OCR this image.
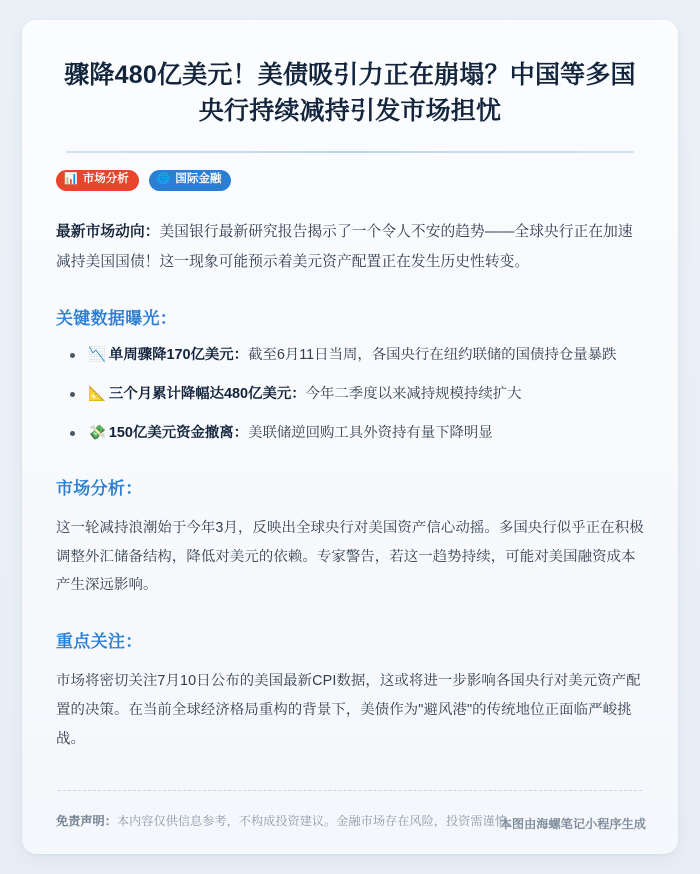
骤降480亿美元！美债吸引力正在崩塌？中国等多国央行持续减持引发市场担忧
📊 市场分析	🌐 国际金融

最新市场动向：美国银行最新研究报告揭示了一个令人不安的趋势——全球央行正在加速减持美国国债！这一现象可能预示着美元资产配置正在发生历史性转变。

关键数据曝光：
📉 单周骤降170亿美元：截至6月11日当周，各国央行在纽约联储的国债持仓量暴跌
📐 三个月累计降幅达480亿美元：今年二季度以来减持规模持续扩大
💸 150亿美元资金撤离：美联储逆回购工具外资持有量下降明显
市场分析：

这一轮减持浪潮始于今年3月，反映出全球央行对美国资产信心动摇。多国央行似乎正在积极调整外汇储备结构，降低对美元的依赖。专家警告，若这一趋势持续，可能对美国融资成本产生深远影响。

重点关注：

市场将密切关注7月10日公布的美国最新CPI数据，这或将进一步影响各国央行对美元资产配置的决策。在当前全球经济格局重构的背景下，美债作为"避风港"的传统地位正面临严峻挑战。

免责声明：本内容仅供信息参考，不构成投资建议。金融市场存在风险，投资需谨慎。

本图由海螺笔记小程序生成
